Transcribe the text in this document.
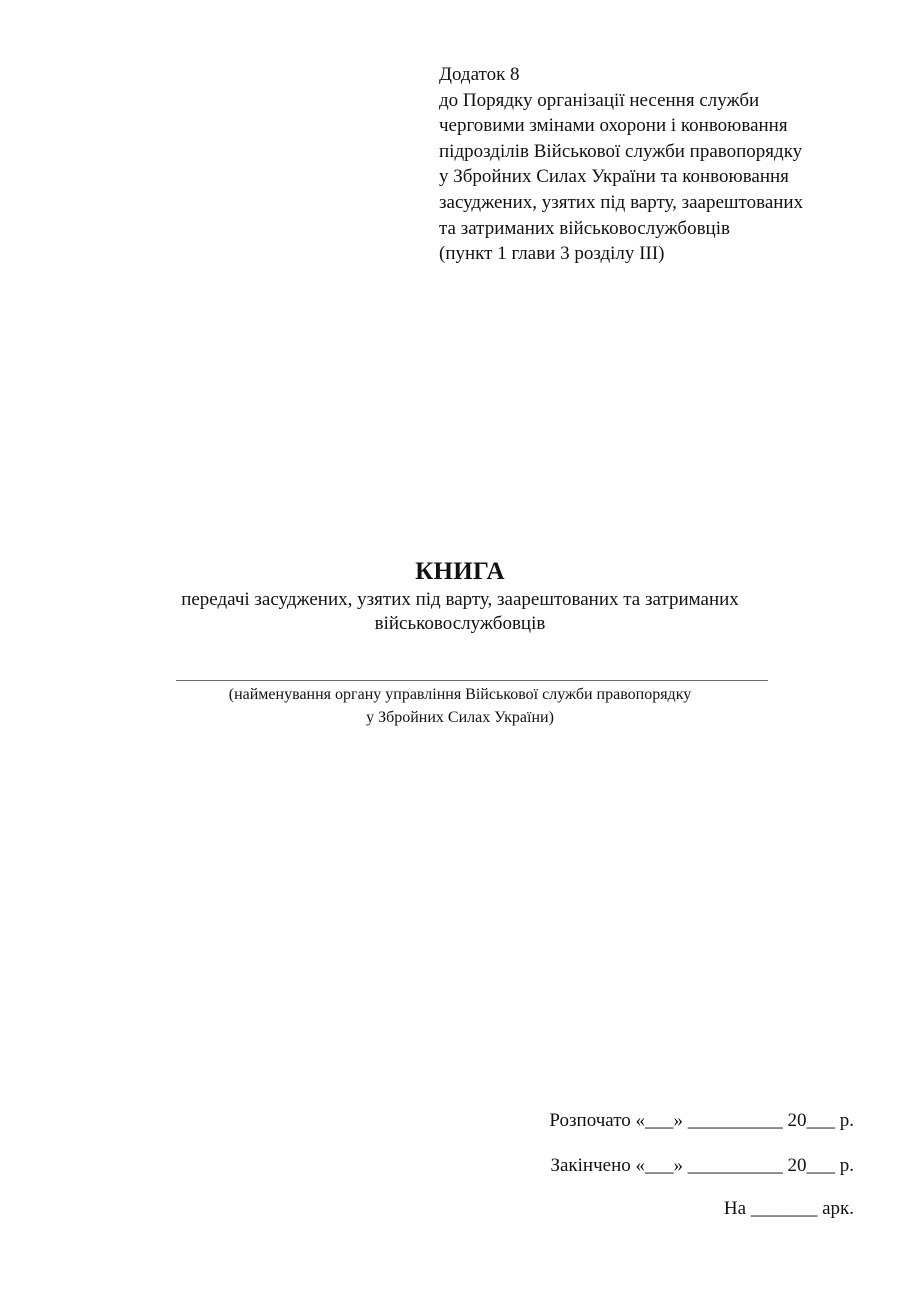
Додаток 8
до Порядку організації несення служби
черговими змінами охорони і конвоювання
підрозділів Військової служби правопорядку
у Збройних Силах України та конвоювання
засуджених, узятих під варту, заарештованих
та затриманих військовослужбовців
(пункт 1 глави 3 розділу ІІІ)
КНИГА
передачі засуджених, узятих під варту, заарештованих та затриманих
військовослужбовців
(найменування органу управління Військової служби правопорядку
у Збройних Силах України)
Розпочато «___» __________ 20___ р.
Закінчено «___» __________ 20___ р.
На _______ арк.
